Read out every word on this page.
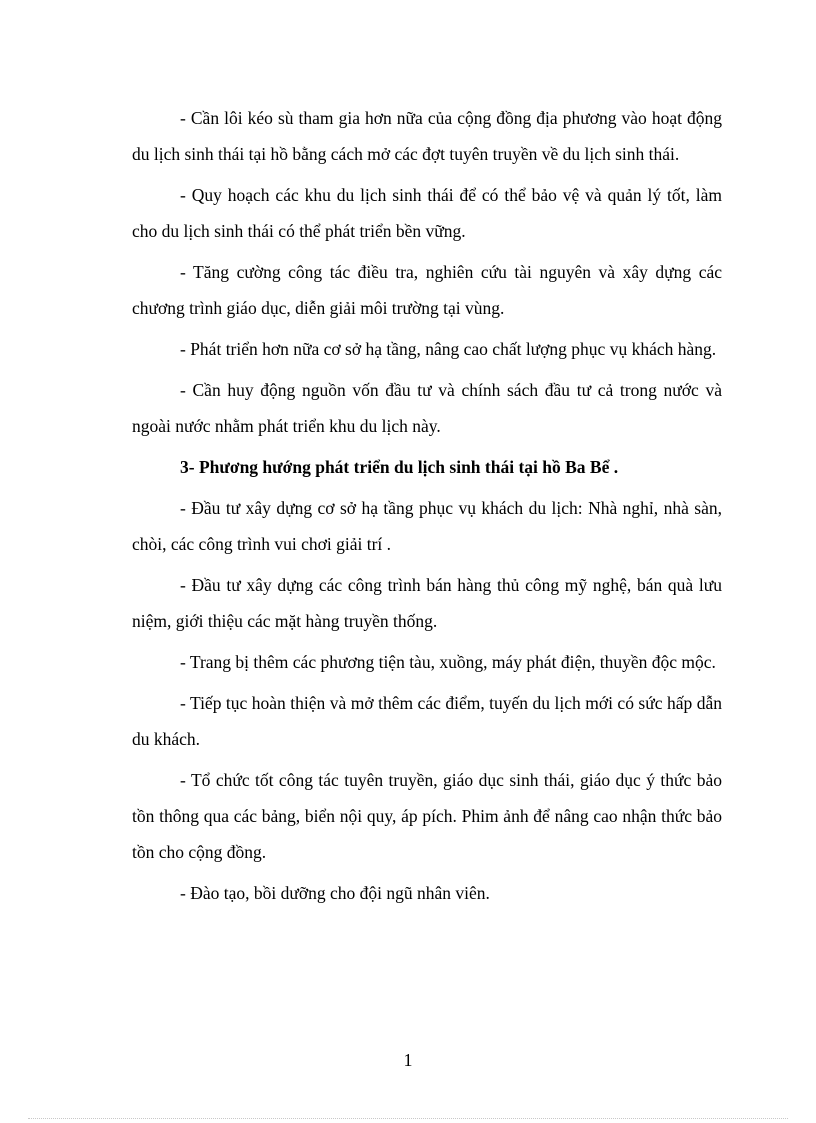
- Cần lôi kéo sù tham gia hơn nữa của cộng đồng địa phương vào hoạt động du lịch sinh thái tại hồ bằng cách mở các đợt tuyên truyền về du lịch sinh thái.

- Quy hoạch các khu du lịch sinh thái để có thể bảo vệ và quản lý tốt, làm cho du lịch sinh thái có thể phát triển bền vững.

- Tăng cường công tác điều tra, nghiên cứu tài nguyên và xây dựng các chương trình giáo dục, diễn giải môi trường tại vùng.

- Phát triển hơn nữa cơ sở hạ tầng, nâng cao chất lượng phục vụ khách hàng.

- Cần huy động nguồn vốn đầu tư và chính sách đầu tư cả trong nước và ngoài nước nhằm phát triển khu du lịch này.

3- Phương hướng phát triển du lịch sinh thái tại hồ Ba Bể .

- Đầu tư xây dựng cơ sở hạ tầng phục vụ khách du lịch: Nhà nghỉ, nhà sàn, chòi, các công trình vui chơi giải trí .

- Đầu tư xây dựng các công trình bán hàng thủ công mỹ nghệ, bán quà lưu niệm, giới thiệu các mặt hàng truyền thống.

- Trang bị thêm các phương tiện tàu, xuồng, máy phát điện, thuyền độc mộc.

- Tiếp tục hoàn thiện và mở thêm các điểm, tuyến du lịch mới có sức hấp dẫn du khách.

- Tổ chức tốt công tác tuyên truyền, giáo dục sinh thái, giáo dục ý thức bảo tồn thông qua các bảng, biển nội quy, áp pích. Phim ảnh để nâng cao nhận thức bảo tồn cho cộng đồng.

- Đào tạo, bồi dưỡng cho đội ngũ nhân viên.

1
